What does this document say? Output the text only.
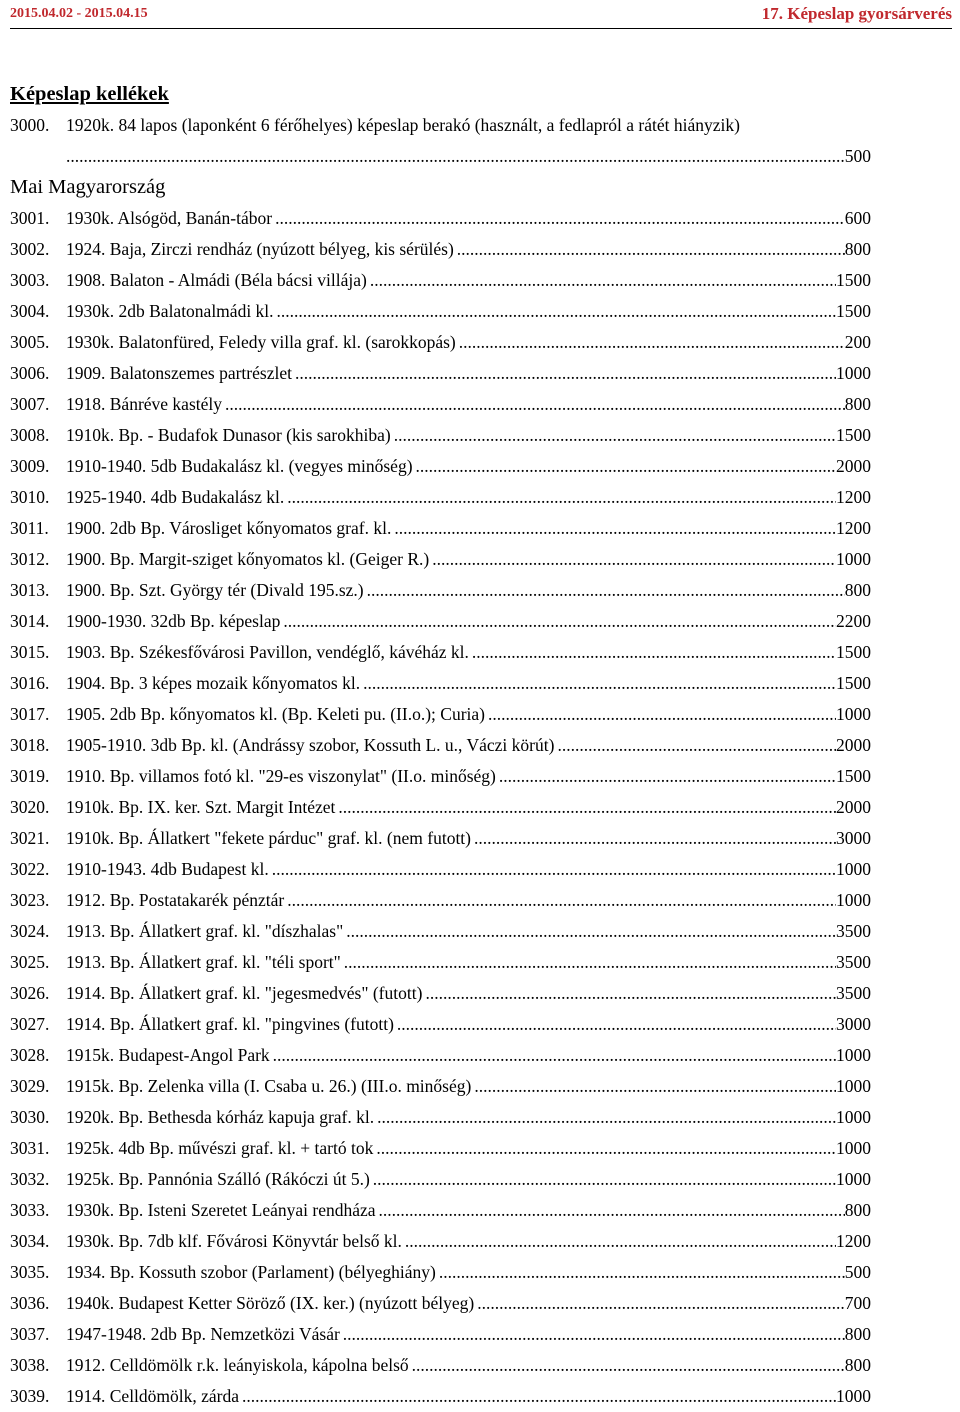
2015.04.02 - 2015.04.15	17. Képeslap gyorsárverés
Képeslap kellékek
3000. 1920k. 84 lapos (laponként 6 férőhelyes) képeslap berakó (használt, a fedlapról a rátét hiányzik)
.....
500
Mai Magyarország
3001. 1930k. Alsógöd, Banán-tábor .....	600
3002. 1924. Baja, Zirczi rendház (nyúzott bélyeg, kis sérülés) .....	800
3003. 1908. Balaton - Almádi (Béla bácsi villája) .....	1500
3004. 1930k. 2db Balatonalmádi kl. .....	1500
3005. 1930k. Balatonfüred, Feledy villa graf. kl. (sarokkopás) .....	200
3006. 1909. Balatonszemes partrészlet .....	1000
3007. 1918. Bánréve kastély .....	800
3008. 1910k. Bp. - Budafok Dunasor (kis sarokhiba) .....	1500
3009. 1910-1940. 5db Budakalász kl. (vegyes minőség) .....	2000
3010. 1925-1940. 4db Budakalász kl. .....	1200
3011. 1900. 2db Bp. Városliget kőnyomatos graf. kl. .....	1200
3012. 1900. Bp. Margit-sziget kőnyomatos kl. (Geiger R.) .....	1000
3013. 1900. Bp. Szt. György tér (Divald 195.sz.) .....	800
3014. 1900-1930. 32db Bp. képeslap .....	2200
3015. 1903. Bp. Székesfővárosi Pavillon, vendéglő, kávéház kl. .....	1500
3016. 1904. Bp. 3 képes mozaik kőnyomatos kl. .....	1500
3017. 1905. 2db Bp. kőnyomatos kl. (Bp. Keleti pu. (II.o.); Curia) .....	1000
3018. 1905-1910. 3db Bp. kl. (Andrássy szobor, Kossuth L. u., Váczi körút) .....	2000
3019. 1910. Bp. villamos fotó kl. "29-es viszonylat" (II.o. minőség) .....	1500
3020. 1910k. Bp. IX. ker. Szt. Margit Intézet .....	2000
3021. 1910k. Bp. Állatkert "fekete párduc" graf. kl. (nem futott) .....	3000
3022. 1910-1943. 4db Budapest kl. .....	1000
3023. 1912. Bp. Postatakarék pénztár .....	1000
3024. 1913. Bp. Állatkert graf. kl. "díszhalas" .....	3500
3025. 1913. Bp. Állatkert graf. kl. "téli sport" .....	3500
3026. 1914. Bp. Állatkert graf. kl. "jegesmedvés" (futott) .....	3500
3027. 1914. Bp. Állatkert graf. kl. "pingvines (futott) .....	3000
3028. 1915k. Budapest-Angol Park .....	1000
3029. 1915k. Bp. Zelenka villa (I. Csaba u. 26.) (III.o. minőség) .....	1000
3030. 1920k. Bp. Bethesda kórház kapuja graf. kl. .....	1000
3031. 1925k. 4db Bp. művészi graf. kl. + tartó tok .....	1000
3032. 1925k. Bp. Pannónia Szálló (Rákóczi út 5.) .....	1000
3033. 1930k. Bp. Isteni Szeretet Leányai rendháza .....	800
3034. 1930k. Bp. 7db klf. Fővárosi Könyvtár belső kl. .....	1200
3035. 1934. Bp. Kossuth szobor (Parlament) (bélyeghiány) .....	500
3036. 1940k. Budapest Ketter Söröző (IX. ker.) (nyúzott bélyeg) .....	700
3037. 1947-1948. 2db Bp. Nemzetközi Vásár .....	800
3038. 1912. Celldömölk r.k. leányiskola, kápolna belső .....	800
3039. 1914. Celldömölk, zárda .....	1000
